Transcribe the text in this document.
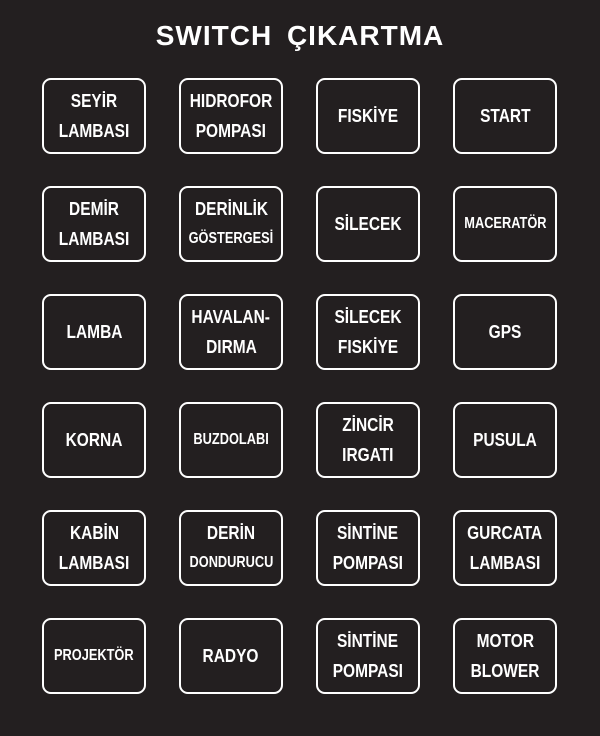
SWITCH ÇIKARTMA
SEYİR
LAMBASI
HIDROFOR
POMPASI
FISKİYE	START
DEMİR
LAMBASI
DERİNLİK
GÖSTERGESİ
SİLECEK	MACERATÖR
LAMBA
HAVALAN-
DIRMA
SİLECEK
FISKİYE
GPS
KORNA	BUZDOLABI
ZİNCİR
IRGATI
PUSULA
KABİN
LAMBASI
DERİN
DONDURUCU
SİNTİNE
POMPASI
GURCATA
LAMBASI
PROJEKTÖR	RADYO
SİNTİNE
POMPASI
MOTOR
BLOWER
